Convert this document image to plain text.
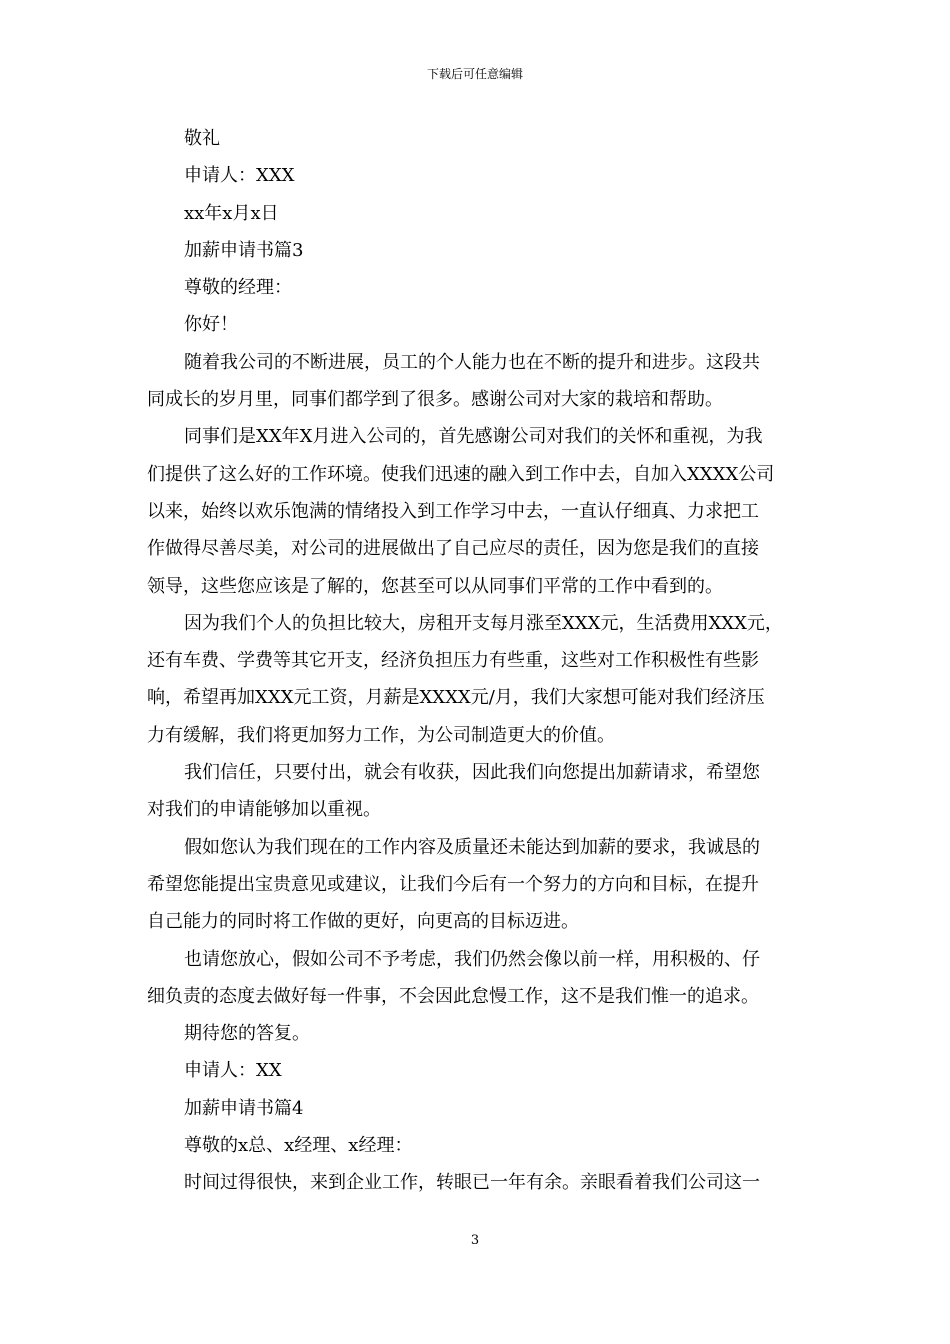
下载后可任意编辑
敬礼
申请人：XXX
xx年x月x日
加薪申请书篇3
尊敬的经理：
你好！
随着我公司的不断进展，员工的个人能力也在不断的提升和进步。这段共
同成长的岁月里，同事们都学到了很多。感谢公司对大家的栽培和帮助。
同事们是XX年X月进入公司的，首先感谢公司对我们的关怀和重视，为我
们提供了这么好的工作环境。使我们迅速的融入到工作中去，自加入XXXX公司
以来，始终以欢乐饱满的情绪投入到工作学习中去，一直认仔细真、力求把工
作做得尽善尽美，对公司的进展做出了自己应尽的责任，因为您是我们的直接
领导，这些您应该是了解的，您甚至可以从同事们平常的工作中看到的。
因为我们个人的负担比较大，房租开支每月涨至XXX元，生活费用XXX元，
还有车费、学费等其它开支，经济负担压力有些重，这些对工作积极性有些影
响，希望再加XXX元工资，月薪是XXXX元/月，我们大家想可能对我们经济压
力有缓解，我们将更加努力工作，为公司制造更大的价值。
我们信任，只要付出，就会有收获，因此我们向您提出加薪请求，希望您
对我们的申请能够加以重视。
假如您认为我们现在的工作内容及质量还未能达到加薪的要求，我诚恳的
希望您能提出宝贵意见或建议，让我们今后有一个努力的方向和目标，在提升
自己能力的同时将工作做的更好，向更高的目标迈进。
也请您放心，假如公司不予考虑，我们仍然会像以前一样，用积极的、仔
细负责的态度去做好每一件事，不会因此怠慢工作，这不是我们惟一的追求。
期待您的答复。
申请人：XX
加薪申请书篇4
尊敬的x总、x经理、x经理：
时间过得很快，来到企业工作，转眼已一年有余。亲眼看着我们公司这一
3
